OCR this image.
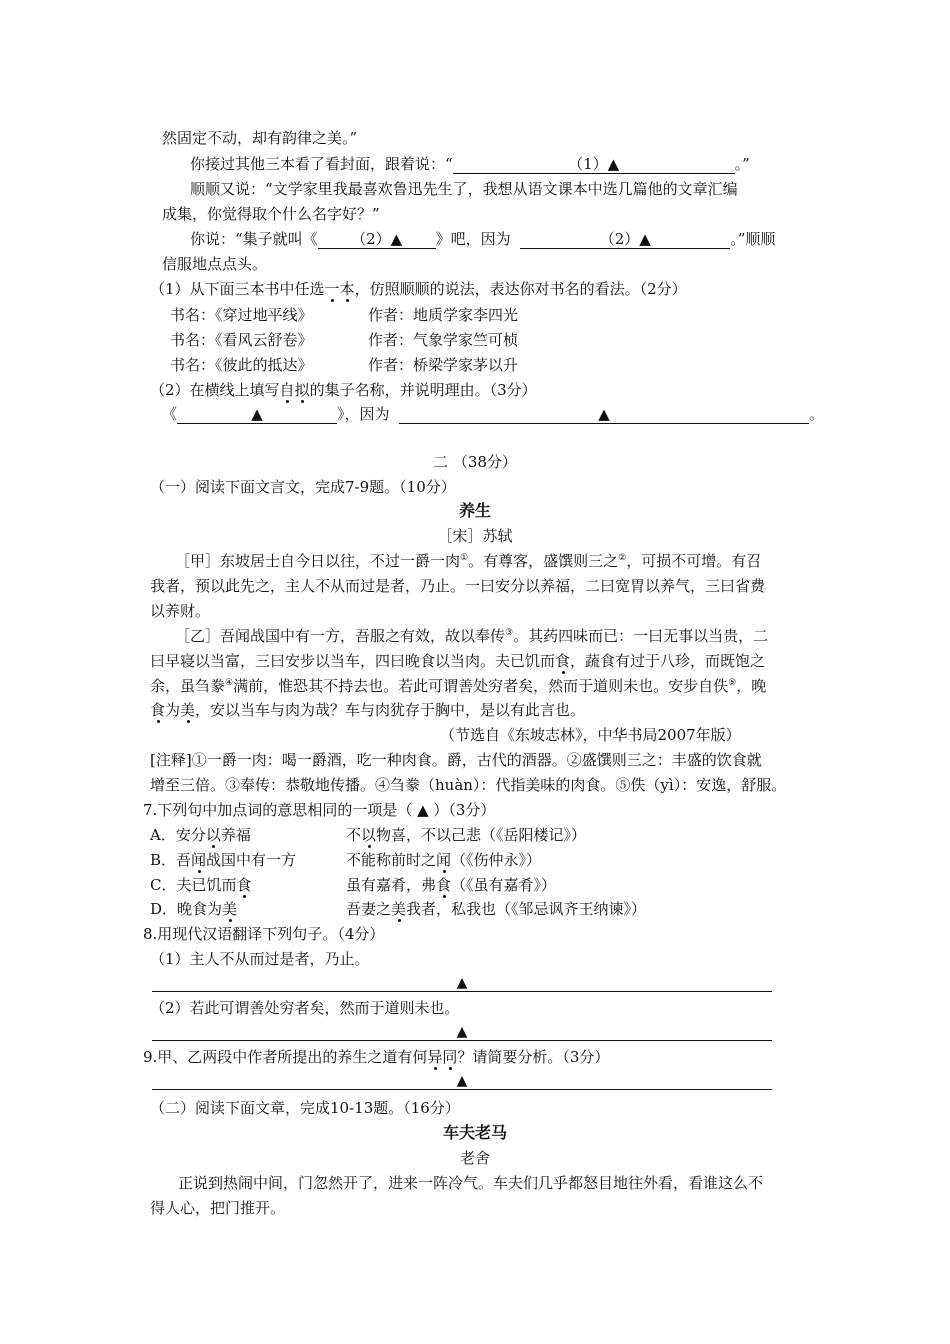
然固定不动，却有韵律之美。”
你接过其他三本看了看封面，跟着说：“	（1）▲	。”
顺顺又说：“文学家里我最喜欢鲁迅先生了，我想从语文课本中选几篇他的文章汇编
成集，你觉得取个什么名字好？”
你说：“集子就叫《 （2）▲ 》吧，因为	（2）▲	。”顺顺
信服地点点头。
（1）从下面三本书中任选一本，仿照顺顺的说法，表达你对书名的看法。（2分）
书名：《穿过地平线》	作者：地质学家李四光
书名：《看风云舒卷》	作者：气象学家竺可桢
书名：《彼此的抵达》	作者：桥梁学家茅以升
（2）在横线上填写自拟的集子名称，并说明理由。（3分）
《	▲	》，因为	▲	。
二 （38分）
（一）阅读下面文言文，完成7-9题。（10分）
养生
［宋］苏轼
［甲］东坡居士自今日以往，不过一爵一肉①。有尊客，盛馔则三之②，可损不可增。有召
我者，预以此先之，主人不从而过是者，乃止。一曰安分以养福，二曰宽胃以养气，三曰省费
以养财。
［乙］吾闻战国中有一方，吾服之有效，故以奉传③。其药四味而已：一曰无事以当贵，二
曰早寝以当富，三曰安步以当车，四曰晚食以当肉。夫已饥而食，蔬食有过于八珍，而既饱之
余，虽刍豢④满前，惟恐其不持去也。若此可谓善处穷者矣，然而于道则未也。安步自佚⑤，晚
食为美，安以当车与肉为哉？车与肉犹存于胸中，是以有此言也。
（节选自《东坡志林》，中华书局2007年版）
[注释]①一爵一肉：喝一爵酒，吃一种肉食。爵，古代的酒器。②盛馔则三之：丰盛的饮食就
增至三倍。③奉传：恭敬地传播。④刍豢（huàn）：代指美味的肉食。⑤佚（yì）：安逸，舒服。
7.下列句中加点词的意思相同的一项是（ ▲ ）（3分）
A．安分以养福	不以物喜，不以己悲（《岳阳楼记》）
B．吾闻战国中有一方	不能称前时之闻（《伤仲永》）
C．夫已饥而食	虽有嘉肴，弗食（《虽有嘉肴》）
D．晚食为美	吾妻之美我者，私我也（《邹忌讽齐王纳谏》）
8.用现代汉语翻译下列句子。（4分）
（1）主人不从而过是者，乃止。
▲
（2）若此可谓善处穷者矣，然而于道则未也。
▲
9.甲、乙两段中作者所提出的养生之道有何异同？请简要分析。（3分）
▲
（二）阅读下面文章，完成10-13题。（16分）
车夫老马
老舍
正说到热闹中间，门忽然开了，进来一阵冷气。车夫们几乎都怒目地往外看，看谁这么不
得人心，把门推开。
